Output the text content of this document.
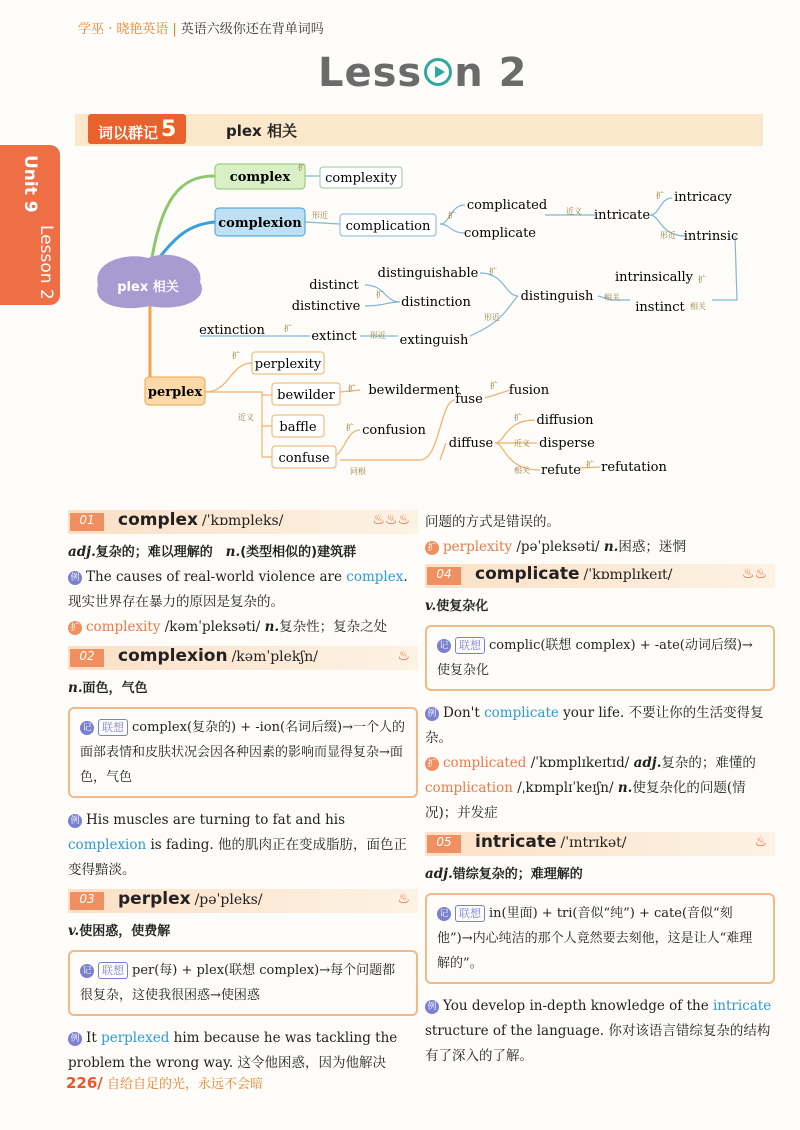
学巫 · 晓艳英语 | 英语六级你还在背单词吗
Less n 2
词以群记 5	plex 相关
Unit 9
Lesson 2	plex 相关
complex	complexity
complexion	complication
complicated
complicate
intricate
intricacy
intrinsic
intrinsically
instinct
distinguish
distinguishable
distinction
distinct
distinctive
extinguish
extinct
extinction
perplex
perplexity
bewilder	bewilderment
baffle
confuse
confusion
fuse
fusion
diffuse
diffusion
disperse
refute refutation
扩
形近	扩	近义
扩
形近
扩
相关
相关
扩
形近
扩
形近
扩
扩
近义
扩
扩
同根
扩
扩
近义
相关
扩
01	complex /ˈkɒmpleks/	♨♨♨
adj.复杂的；难以理解的 n.(类型相似的)建筑群
例 The causes of real-world violence are complex.
现实世界存在暴力的原因是复杂的。
扩 complexity /kəmˈpleksəti/ n.复杂性；复杂之处
02	complexion /kəmˈplekʃn/	♨
n.面色，气色
记 联想 complex(复杂的) + -ion(名词后缀)→一个人的面部表情和皮肤状况会因各种因素的影响而显得复杂→面色，气色
例 His muscles are turning to fat and his complexion is fading. 他的肌肉正在变成脂肪，面色正变得黯淡。
03	perplex /pəˈpleks/	♨
v.使困惑，使费解
记 联想 per(每) + plex(联想 complex)→每个问题都很复杂，这使我很困惑→使困惑
例 It perplexed him because he was tackling the problem the wrong way. 这令他困惑，因为他解决
问题的方式是错误的。
扩 perplexity /pəˈpleksəti/ n.困惑；迷惘
04	complicate /ˈkɒmplɪkeɪt/	♨♨
v.使复杂化
记 联想 complic(联想 complex) + -ate(动词后缀)→使复杂化
例 Don't complicate your life. 不要让你的生活变得复杂。
扩 complicated /ˈkɒmplɪkeɪtɪd/ adj.复杂的；难懂的
complication /ˌkɒmplɪˈkeɪʃn/ n.使复杂化的问题(情况)；并发症
05	intricate /ˈɪntrɪkət/	♨
adj.错综复杂的；难理解的
记 联想 in(里面) + tri(音似“纯”) + cate(音似“刻他”)→内心纯洁的那个人竟然要去刻他，这是让人“难理解的”。
例 You develop in-depth knowledge of the intricate structure of the language. 你对该语言错综复杂的结构有了深入的了解。
226/ 自给自足的光，永远不会暗
